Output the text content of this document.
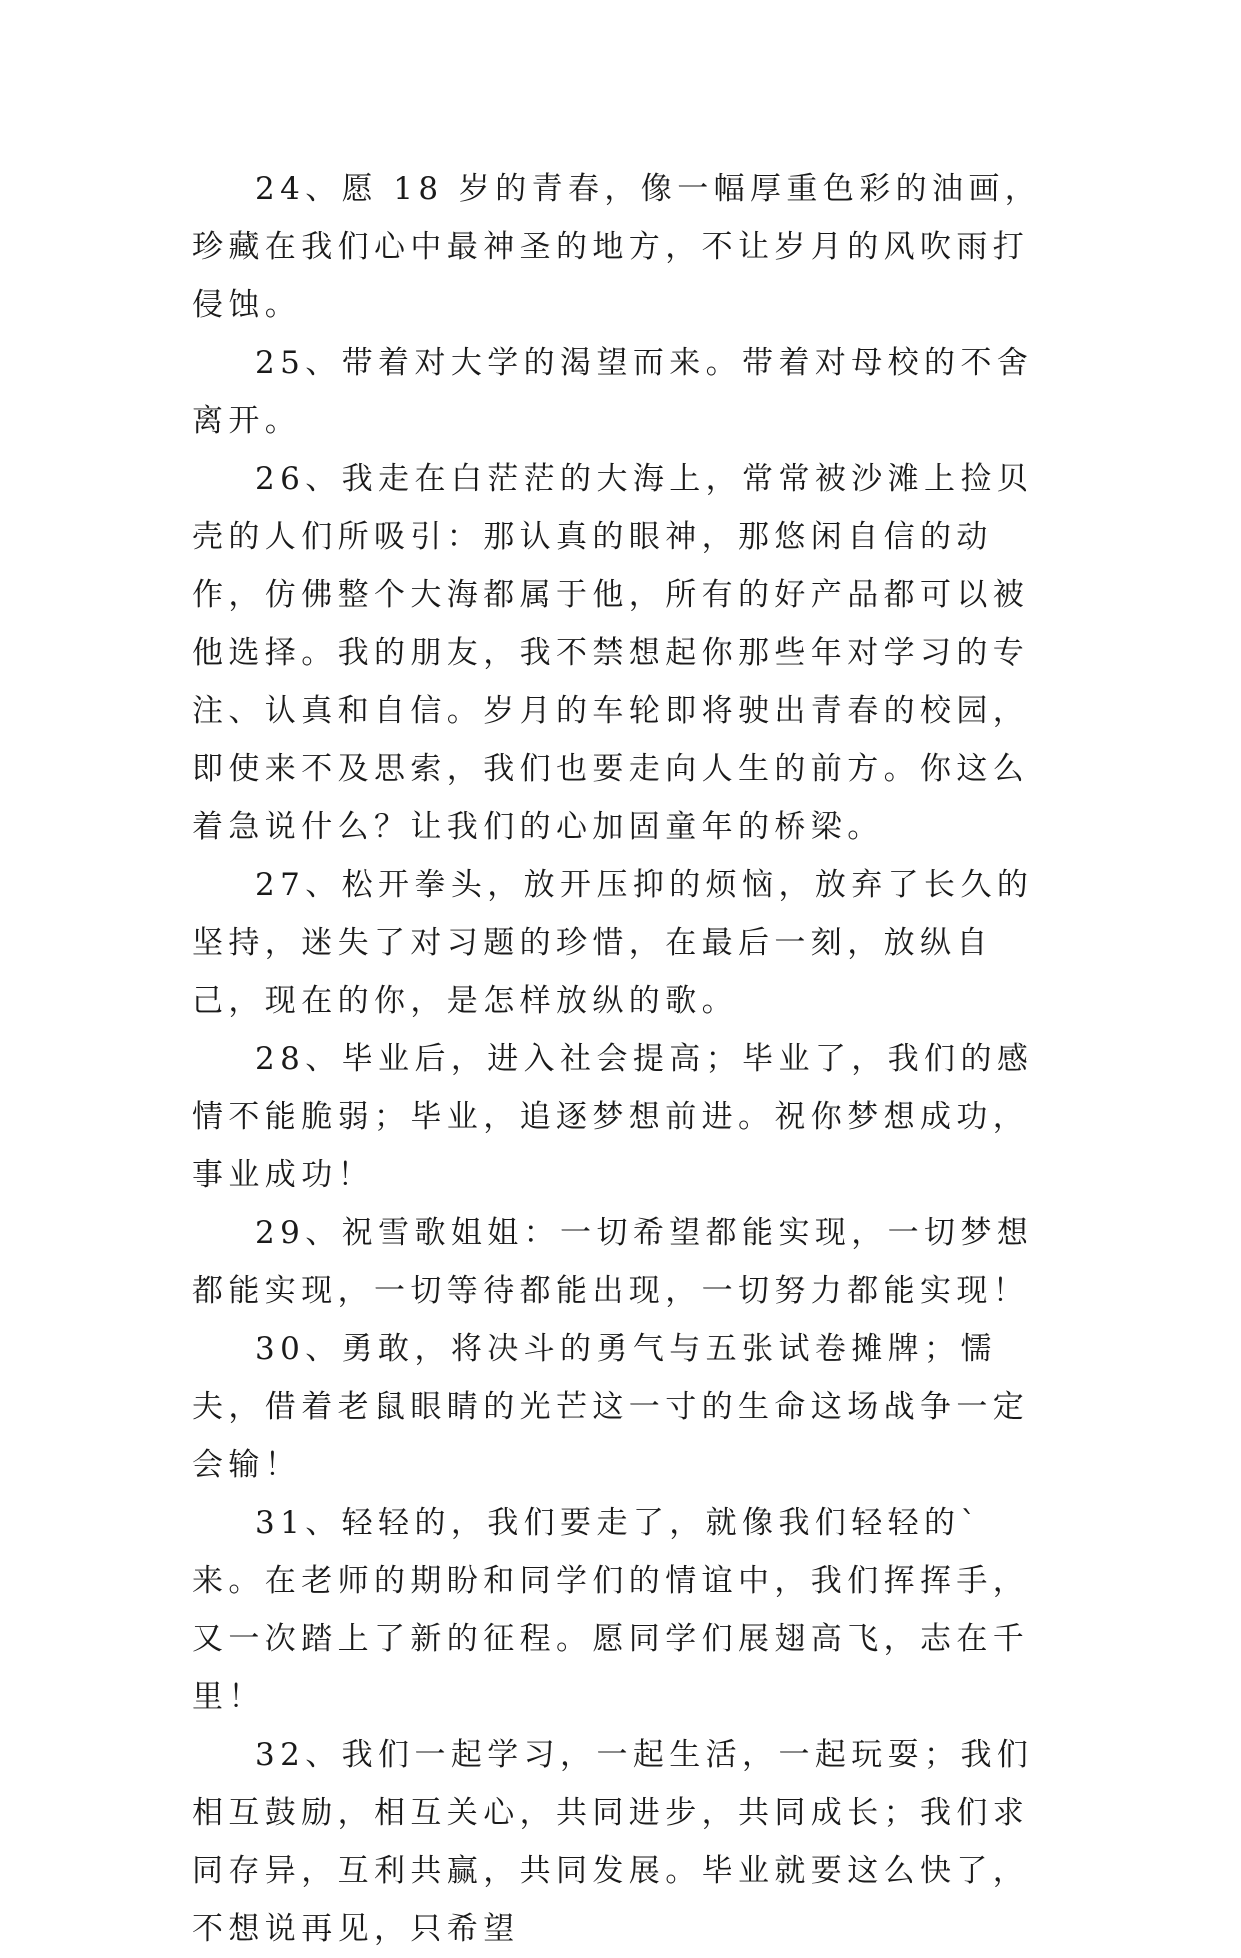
24、愿 18 岁的青春，像一幅厚重色彩的油画，珍藏在我们心中最神圣的地方，不让岁月的风吹雨打侵蚀。

25、带着对大学的渴望而来。带着对母校的不舍离开。

26、我走在白茫茫的大海上，常常被沙滩上捡贝壳的人们所吸引：那认真的眼神，那悠闲自信的动作，仿佛整个大海都属于他，所有的好产品都可以被他选择。我的朋友，我不禁想起你那些年对学习的专注、认真和自信。岁月的车轮即将驶出青春的校园，即使来不及思索，我们也要走向人生的前方。你这么着急说什么？让我们的心加固童年的桥梁。

27、松开拳头，放开压抑的烦恼，放弃了长久的坚持，迷失了对习题的珍惜，在最后一刻，放纵自己，现在的你，是怎样放纵的歌。

28、毕业后，进入社会提高；毕业了，我们的感情不能脆弱；毕业，追逐梦想前进。祝你梦想成功，事业成功！

29、祝雪歌姐姐：一切希望都能实现，一切梦想都能实现，一切等待都能出现，一切努力都能实现！

30、勇敢，将决斗的勇气与五张试卷摊牌；懦夫，借着老鼠眼睛的光芒这一寸的生命这场战争一定会输！

31、轻轻的，我们要走了，就像我们轻轻的`来。在老师的期盼和同学们的情谊中，我们挥挥手，又一次踏上了新的征程。愿同学们展翅高飞，志在千里！

32、我们一起学习，一起生活，一起玩耍；我们相互鼓励，相互关心，共同进步，共同成长；我们求同存异，互利共赢，共同发展。毕业就要这么快了，不想说再见，只希望
